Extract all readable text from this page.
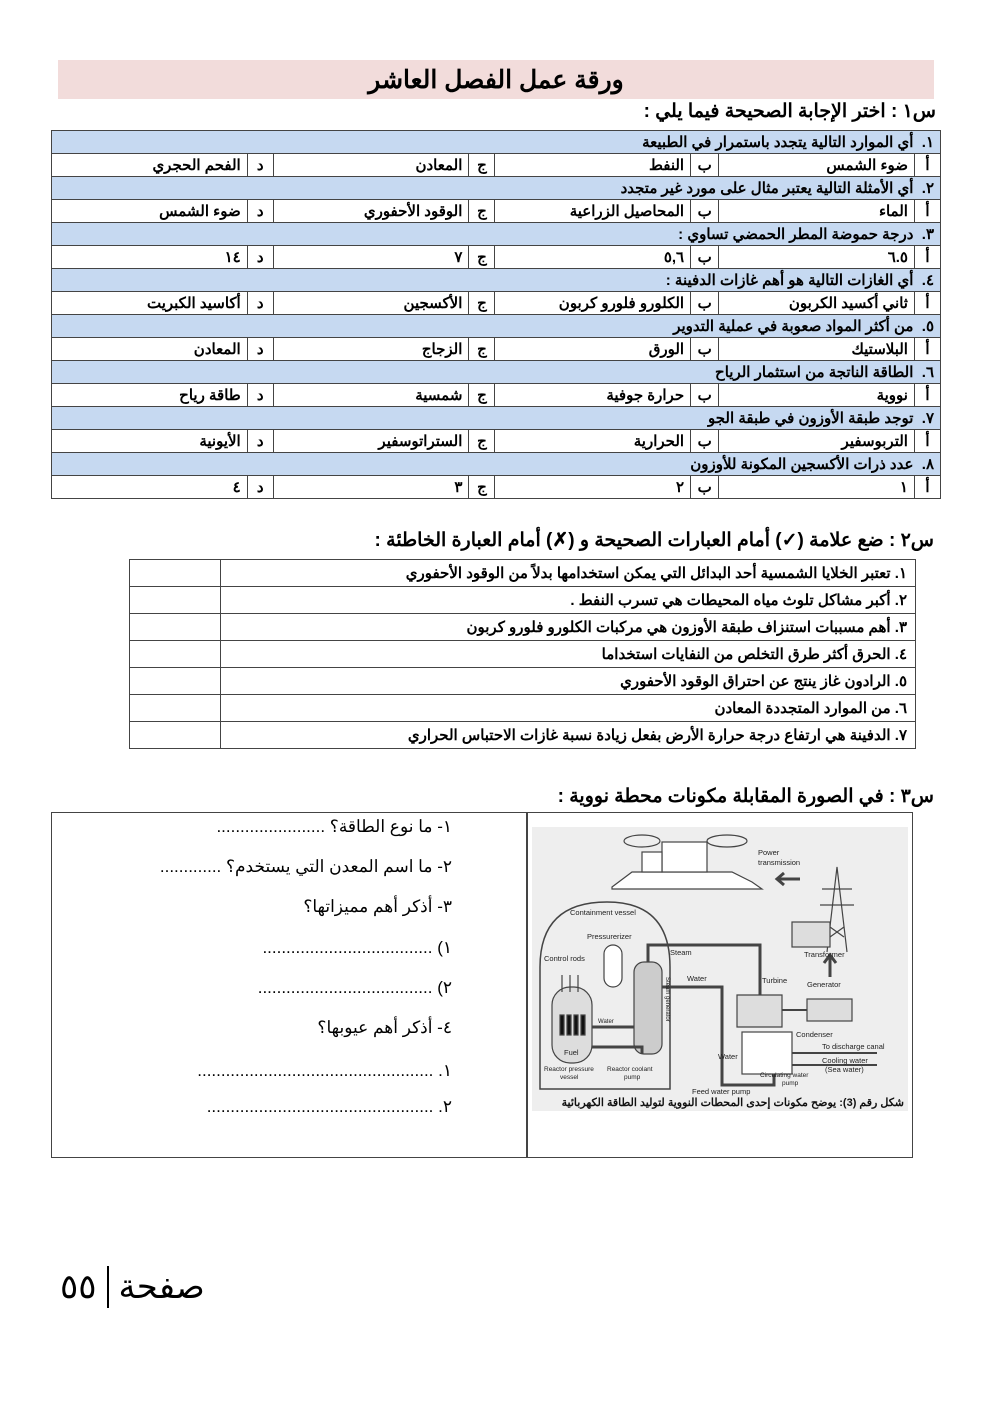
ورقة عمل الفصل العاشر
س١ : اختر الإجابة الصحيحة فيما يلي :
١.  أي الموارد التالية يتجدد باستمرار في الطبيعة							
أ	ضوء الشمس	ب	النفط	ج	المعادن	د	الفحم الحجري
٢.  أي الأمثلة التالية يعتبر مثال على مورد غير متجدد							
أ	الماء	ب	المحاصيل الزراعية	ج	الوقود الأحفوري	د	ضوء الشمس
٣.  درجة حموضة المطر الحمضي تساوي :							
أ	٦.٥	ب	٥,٦	ج	٧	د	١٤
٤.  أي الغازات التالية هو أهم غازات الدفينة :							
أ	ثاني أكسيد الكربون	ب	الكلورو فلورو كربون	ج	الأكسجين	د	أكاسيد الكبريت
٥.  من أكثر المواد صعوبة في عملية التدوير							
أ	البلاستيك	ب	الورق	ج	الزجاج	د	المعادن
٦.  الطاقة الناتجة من استثمار الرياح							
أ	نووية	ب	حرارة جوفية	ج	شمسية	د	طاقة رياح
٧.  توجد طبقة الأوزون في طبقة الجو							
أ	التربوسفير	ب	الحرارية	ج	الستراتوسفير	د	الأيونية
٨.  عدد ذرات الأكسجين المكونة للأوزون							
أ	١	ب	٢	ج	٣	د	٤
س٢ : ضع علامة (✓) أمام العبارات الصحيحة و (✗) أمام العبارة الخاطئة :
١. تعتبر الخلايا الشمسية أحد البدائل التي يمكن استخدامها بدلاً من الوقود الأحفوري	
٢. أكبر مشاكل تلوث مياه المحيطات هي تسرب النفط .	
٣. أهم مسببات استنزاف طبقة الأوزون هي مركبات الكلورو فلورو كربون	
٤. الحرق أكثر طرق التخلص من النفايات استخداما	
٥. الرادون غاز ينتج عن احتراق الوقود الأحفوري	
٦. من الموارد المتجددة المعادن	
٧. الدفينة هي ارتفاع درجة حرارة الأرض بفعل زيادة نسبة غازات الاحتباس الحراري	
س٣ : في الصورة المقابلة مكونات محطة نووية :
١- ما نوع الطاقة؟ .......................
٢- ما اسم المعدن التي يستخدم؟ .............
٣- أذكر أهم مميزاتها؟
١) ....................................
٢) .....................................
٤- أذكر أهم عيوبها؟
١. ..................................................
٢. ................................................
Power
transmission
Containment vessel
Pressurerizer
Steam
Control rods
Water	Turbine	Generator
Transformer
Water
Steam generator
Condenser
Fuel	Water
To discharge canal
Cooling water
(Sea water)
Reactor pressure
vessel
Reactor coolant
pump	Circulating water
pump
Feed water pump
شكل رقم (3): يوضح مكونات إحدى المحطات النووية لتوليد الطاقة الكهربائية
صفحة
٥٥
